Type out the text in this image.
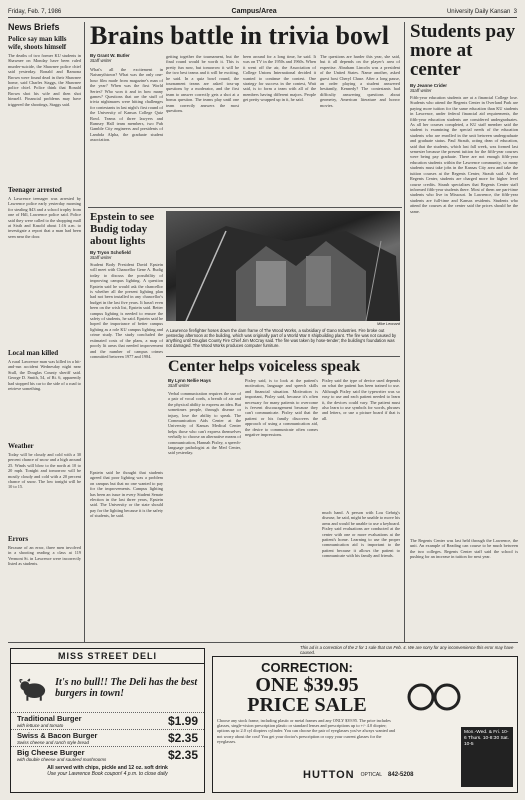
Friday, Feb. 7, 1986	Campus/Area	University Daily Kansan 3
News Briefs
Police say man kills wife, shoots himself
The deaths of two former KU students in Shawnee on Monday have been ruled murder-suicide, the Shawnee police chief said yesterday. Ronald and Ramona Brown were found dead in their Shawnee home, said Charles Staggs, the Shawnee police chief. Police think that Ronald Brown shot his wife and then shot himself. Financial problems may have triggered the shootings, Staggs said.
Teenager arrested
A Lawrence teenager was arrested by Lawrence police early yesterday morning for stealing $43 and a school trophy from one of Hill, Lawrence police said. Police said they were called to the shopping mall at Sixth and Kasold about 1:16 a.m. to investigate a report that a man had been seen near the door.
Local man killed
A rural Lawrence man was killed in a hit-and-run accident Wednesday night near Stull, the Douglas County sheriff said. George D. Smith, 54, of Rt. 6, apparently had stopped his car to the side of a road to retrieve something.
Weather
Today will be cloudy and cold with a 30 percent chance of snow and a high around 25. Winds will blow to the north at 10 to 20 mph. Tonight and tomorrow will be mostly cloudy and cold with a 20 percent chance of snow. The low tonight will be 10 to 15.
Errors
Because of an error, three men involved in a shooting reading a class at 119 Vermont St. in Lawrence were incorrectly listed as students.
Brains battle in trivia bowl
By Grant W. Butler
Staff writer
What's all the excitement in Naismythtown? What was the only one-hour film made from magazine's man of the year? When was the first World Series? Who won it and in how many games? Questions that are the stuff of trivia nightmares were hitting challenges for contestants in last night's first round of the University of Kansas College Quiz Bowl. Teams of three lawyers and Ramsey Hall team members, two Pub Gamble City engineers and presidents of Lambda Alpha, the graduate student association.
getting together the tournament, but the final round would be worth it. This is pretty fun now, but tomorrow it will be the two best teams and it will be exciting, he said. In a quiz bowl round, the tournament teams are asked toss-up questions by a moderator, and the first team to answer correctly gets a shot at a bonus question. The teams play until one team correctly answers the most questions.
been around for a long time, he said. It was on TV in the 1950s and 1960s. When it went off the air, the Association of College Unions International decided it wanted to continue the contest. One strategy for success in the contest, Watt said, is to form a team with all of the members having different majors. People get pretty wrapped up in it, he said.
The questions are harder this year, she said, but it all depends on the player's area of expertise. Abraham Lincoln was a president of the United States. Name another, asked guest host Cheryl Chase. After a long pause, an order playing a student answered hesitantly, Kennedy? The contestants had difficulty answering questions about geometry, American literature and horror movies.
Students pay more at center
By Jeanne Crider
Staff writer
Fifth-year education students are at a financial College lose. Students who attend the Regents Center in Overland Park are paying more tuition for the same education than KU students in Lawrence, under federal financial aid requirements, the fifth-year education students are considered undergraduates. As all her courses completed, a KU staff member said the student is examining the special needs of the education students who are enrolled in the unit between undergraduate and graduate status. Paul Straub, acting dean of education, said that the students, which last fall week, was formed last semester because the present tuition for the fifth-year courses were being pay graduate. There are not enough fifth-year education students within the Lawrence community, so many students must take jobs in the Kansas City area and take the tuition courses at the Regents Center, Straub said. At the Regents Center, students are charged more for higher level course credits. Straub specializes that Regents Center staff informed fifth-year students there. Most of them are part-time students who live in Missouri. In Lawrence, the fifth-year students are full-time and Kansas residents. Students who attend the courses at the center said the prices should be the same.
The Regents Center was last held through the Lawrence, the unit. An example of Reading can course to be much between the two colleges. Regents Center staff said the school is pushing for an increase in tuition for next year.
Epstein to see Budig today about lights
By Tryon Schofield
Staff writer
Student Body President David Epstein will meet with Chancellor Gene A. Budig today to discuss the possibility of improving campus lighting. A question Epstein said he would ask the chancellor is whether all the present lighting plan had not been installed in any chancellor's budget in the last five years. It hasn't even been on the wish list, Epstein said. Better campus lighting is needed to ensure the safety of students, he said. Epstein said he hoped the importance of better campus lighting as a role KU campus lighting and crime study. The study concluded the estimated costs of the plans, a map of poorly lit areas that needed improvement and the number of campus crimes committed between 1977 and 1984.
Mike Leonard
A Lawrence firefighter hoses down the dam frame of The Wood Works, a subsidiary of Gano Industries. Fire broke out yesterday afternoon at the building, which was originally part of a World War II shipbuilding plant. The fire was not caused by anything until Douglas County Fire Chief Jim McCray said. The fire was taken by hose-tender; the building's foundation was not damaged. The Wood Works produces computer furniture.
Epstein said he thought that students agreed that poor lighting was a problem on campus but that no one wanted to pay for the improvements. Campus lighting has been an issue in every Student Senate election in the last three years, Epstein said. The University or the state should pay for the lighting because it is the safety of students, he said.
Center helps voiceless speak
By Lynn Nellie Hays
Staff writer
Verbal communication requires the use of a pair of vocal cords, a breath of air and the physical ability to express an idea. But sometimes people, through disease or injury, lose the ability to speak. The Communication Aids Center at the University of Kansas Medical Center helps those who can't express themselves verbally to choose an alternative means of communication, Hannah Pixley, a speech-language pathologist at the Med Center, said yesterday.
Pixley said, is to look at the patient's motivation, language and speech skills and financial situation. Motivation is important, Pixley said, because it's often necessary for many patients to overcome is fervent discouragement because they can't communicate. Pixley said that the patient or his family discovers the approach of using a communication aid, the desire to communicate often comes negative impressions.
Pixley said the type of device used depends on what the patient has been trained to use. Although Pixley said the typewriter was so easy to use and each patient needed to learn it, the devices could vary. The patient must also learn to use symbols for words, phrases and letters, or use a picture board if that is all.
much hand. A person with Lou Gehrig's disease, he said, might be unable to move his arms and would be unable to use a keyboard. Pixley said evaluations are conducted at the center with one or more evaluations at the patient's home. Learning to use the proper communication aid is important to the patient because it allows the patient to communicate with his family and friends.
MISS STREET DELI
It's no bull!! The Deli has the best burgers in town!
Traditional Burger
with lettuce and tomato	$1.99
Swiss & Bacon Burger
Swiss cheese and ranch style bread	$2.35
Big Cheese Burger
with double cheese and sautéed mushrooms	$2.35
All served with chips, pickle and 12 oz. soft drink
Use your Lawrence Book coupon! 4 p.m. to close daily
This ad is a correction of the 2 for 1 sale that ran Feb. 4. We are sorry for any inconvenience this error may have caused.
CORRECTION:
ONE $39.95
PRICE SALE
Choose any stock frame, including plastic or metal frames and any ONLY $39.95. The price includes glasses, single-vision prescription plastic or standard lenses and prescriptions up to +/- 4.0 diopter; options up to 2.0 cyl diopters cylinder. You can choose the pair of eyeglasses you've always wanted and not worry about the cost! You get your doctor's prescription or copy your current glasses for the eyeglasses.
Mon.-Wed. & Fri. 10-6 Thurs. 10-8:30 Sat. 10-5
HUTTON OPTICAL 842-5208
